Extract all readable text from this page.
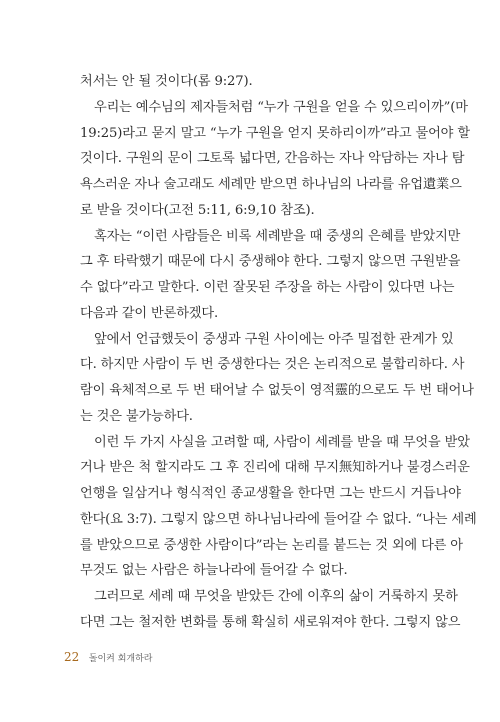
처서는 안 될 것이다(롬 9:27).
우리는 예수님의 제자들처럼 “누가 구원을 얻을 수 있으리이까”(마
19:25)라고 묻지 말고 “누가 구원을 얻지 못하리이까”라고 물어야 할
것이다. 구원의 문이 그토록 넓다면, 간음하는 자나 악담하는 자나 탐
욕스러운 자나 술고래도 세례만 받으면 하나님의 나라를 유업遺業으
로 받을 것이다(고전 5:11, 6:9,10 참조).
혹자는 “이런 사람들은 비록 세례받을 때 중생의 은혜를 받았지만
그 후 타락했기 때문에 다시 중생해야 한다. 그렇지 않으면 구원받을
수 없다”라고 말한다. 이런 잘못된 주장을 하는 사람이 있다면 나는
다음과 같이 반론하겠다.
앞에서 언급했듯이 중생과 구원 사이에는 아주 밀접한 관계가 있
다. 하지만 사람이 두 번 중생한다는 것은 논리적으로 불합리하다. 사
람이 육체적으로 두 번 태어날 수 없듯이 영적靈的으로도 두 번 태어나
는 것은 불가능하다.
이런 두 가지 사실을 고려할 때, 사람이 세례를 받을 때 무엇을 받았
거나 받은 척 할지라도 그 후 진리에 대해 무지無知하거나 불경스러운
언행을 일삼거나 형식적인 종교생활을 한다면 그는 반드시 거듭나야
한다(요 3:7). 그렇지 않으면 하나님나라에 들어갈 수 없다. “나는 세례
를 받았으므로 중생한 사람이다”라는 논리를 붙드는 것 외에 다른 아
무것도 없는 사람은 하늘나라에 들어갈 수 없다.
그러므로 세례 때 무엇을 받았든 간에 이후의 삶이 거룩하지 못하
다면 그는 철저한 변화를 통해 확실히 새로워져야 한다. 그렇지 않으
22 돌이켜 회개하라
